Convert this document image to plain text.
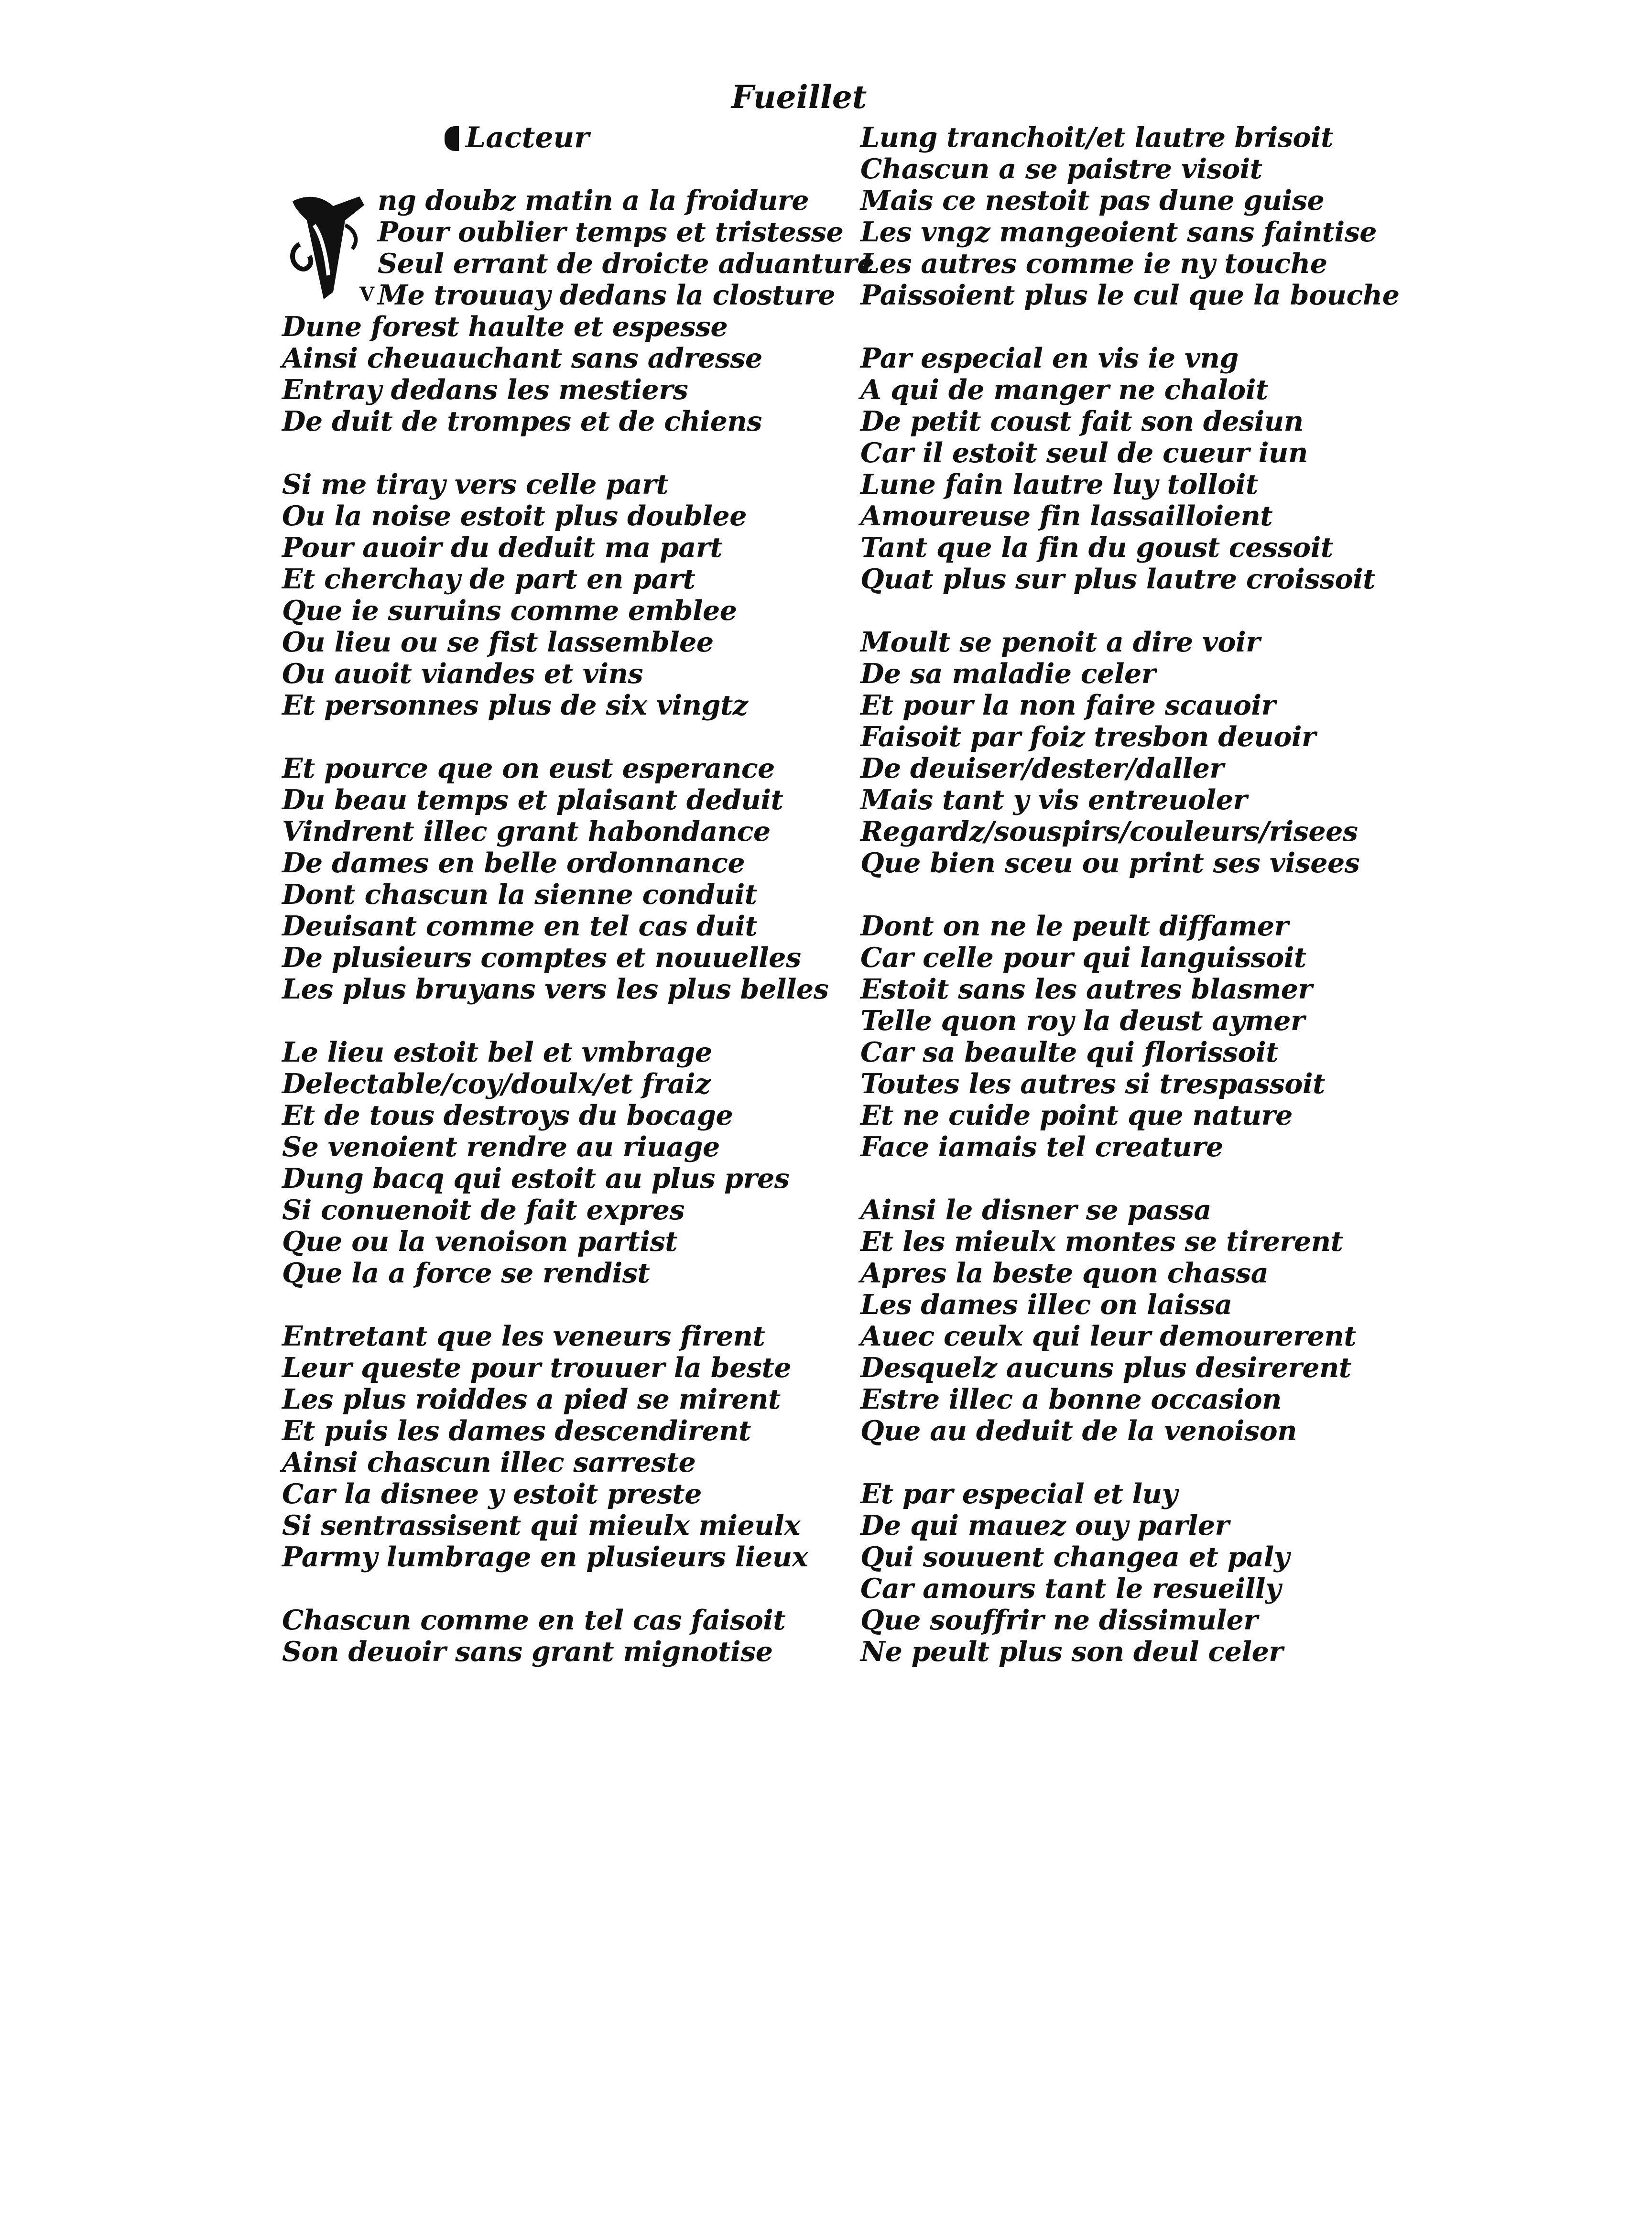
Fueillet
Lacteur
V
ng doubz matin a la froidure
Pour oublier temps et tristesse
Seul errant de droicte aduanture
Me trouuay dedans la closture
Dune forest haulte et espesse
Ainsi cheuauchant sans adresse
Entray dedans les mestiers
De duit de trompes et de chiens
Si me tiray vers celle part
Ou la noise estoit plus doublee
Pour auoir du deduit ma part
Et cherchay de part en part
Que ie suruins comme emblee
Ou lieu ou se fist lassemblee
Ou auoit viandes et vins
Et personnes plus de six vingtz
Et pource que on eust esperance
Du beau temps et plaisant deduit
Vindrent illec grant habondance
De dames en belle ordonnance
Dont chascun la sienne conduit
Deuisant comme en tel cas duit
De plusieurs comptes et nouuelles
Les plus bruyans vers les plus belles
Le lieu estoit bel et vmbrage
Delectable/coy/doulx/et fraiz
Et de tous destroys du bocage
Se venoient rendre au riuage
Dung bacq qui estoit au plus pres
Si conuenoit de fait expres
Que ou la venoison partist
Que la a force se rendist
Entretant que les veneurs firent
Leur queste pour trouuer la beste
Les plus roiddes a pied se mirent
Et puis les dames descendirent
Ainsi chascun illec sarreste
Car la disnee y estoit preste
Si sentrassisent qui mieulx mieulx
Parmy lumbrage en plusieurs lieux
Chascun comme en tel cas faisoit
Son deuoir sans grant mignotise
Lung tranchoit/et lautre brisoit
Chascun a se paistre visoit
Mais ce nestoit pas dune guise
Les vngz mangeoient sans faintise
Les autres comme ie ny touche
Paissoient plus le cul que la bouche
Par especial en vis ie vng
A qui de manger ne chaloit
De petit coust fait son desiun
Car il estoit seul de cueur iun
Lune fain lautre luy tolloit
Amoureuse fin lassailloient
Tant que la fin du goust cessoit
Quat plus sur plus lautre croissoit
Moult se penoit a dire voir
De sa maladie celer
Et pour la non faire scauoir
Faisoit par foiz tresbon deuoir
De deuiser/dester/daller
Mais tant y vis entreuoler
Regardz/souspirs/couleurs/risees
Que bien sceu ou print ses visees
Dont on ne le peult diffamer
Car celle pour qui languissoit
Estoit sans les autres blasmer
Telle quon roy la deust aymer
Car sa beaulte qui florissoit
Toutes les autres si trespassoit
Et ne cuide point que nature
Face iamais tel creature
Ainsi le disner se passa
Et les mieulx montes se tirerent
Apres la beste quon chassa
Les dames illec on laissa
Auec ceulx qui leur demourerent
Desquelz aucuns plus desirerent
Estre illec a bonne occasion
Que au deduit de la venoison
Et par especial et luy
De qui mauez ouy parler
Qui souuent changea et paly
Car amours tant le resueilly
Que souffrir ne dissimuler
Ne peult plus son deul celer
